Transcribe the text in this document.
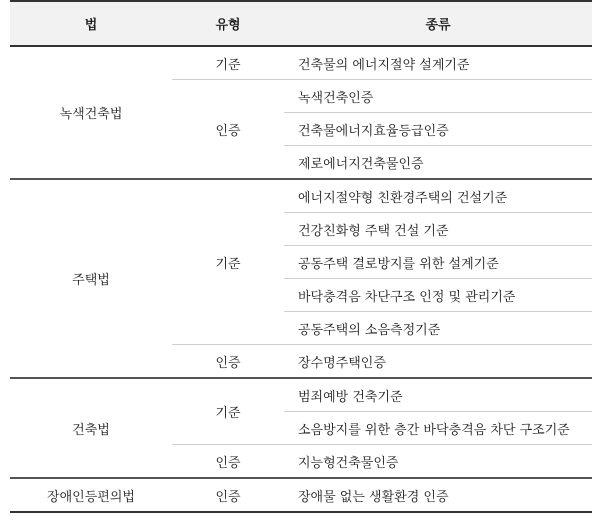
법	유형	종류
녹색건축법	기준	건축물의 에너지절약 설계기준
	인증	녹색건축인증
		건축물에너지효율등급인증
		제로에너지건축물인증
주택법	기준	에너지절약형 친환경주택의 건설기준
		건강친화형 주택 건설 기준
		공동주택 결로방지를 위한 설계기준
		바닥충격음 차단구조 인정 및 관리기준
		공동주택의 소음측정기준
	인증	장수명주택인증
건축법	기준	범죄예방 건축기준
		소음방지를 위한 층간 바닥충격음 차단 구조기준
	인증	지능형건축물인증
장애인등편의법	인증	장애물 없는 생활환경 인증
